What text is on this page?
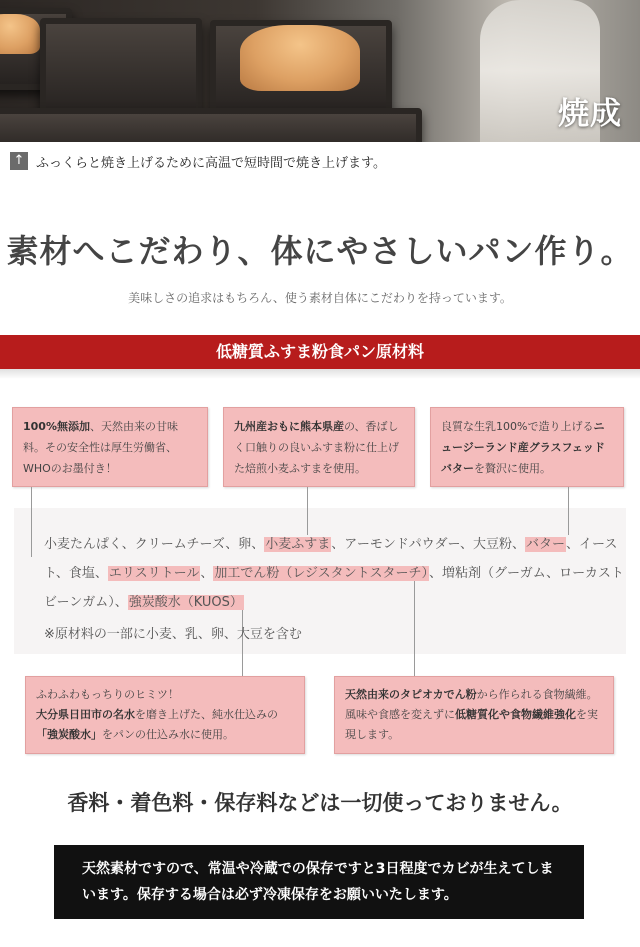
焼成
↑ ふっくらと焼き上げるために高温で短時間で焼き上げます。
素材へこだわり、体にやさしいパン作り。
美味しさの追求はもちろん、使う素材自体にこだわりを持っています。
低糖質ふすま粉食パン原材料
100%無添加、天然由来の甘味料。その安全性は厚生労働省、WHOのお墨付き！
九州産おもに熊本県産の、香ばしく口触りの良いふすま粉に仕上げた焙煎小麦ふすまを使用。
良質な生乳100%で造り上げるニュージーランド産グラスフェッドバターを贅沢に使用。
小麦たんぱく、クリームチーズ、卵、小麦ふすま、アーモンドパウダー、大豆粉、バター、イースト、食塩、エリスリトール、加工でん粉（レジスタントスターチ）、増粘剤（グーガム、ローカストビーンガム）、強炭酸水（KUOS）
※原材料の一部に小麦、乳、卵、大豆を含む
ふわふわもっちりのヒミツ！
大分県日田市の名水を磨き上げた、純水仕込みの「強炭酸水」をパンの仕込み水に使用。
天然由来のタピオカでん粉から作られる食物繊維。風味や食感を変えずに低糖質化や食物繊維強化を実現します。
香料・着色料・保存料などは一切使っておりません。
天然素材ですので、常温や冷蔵での保存ですと3日程度でカビが生えてしまいます。保存する場合は必ず冷凍保存をお願いいたします。
